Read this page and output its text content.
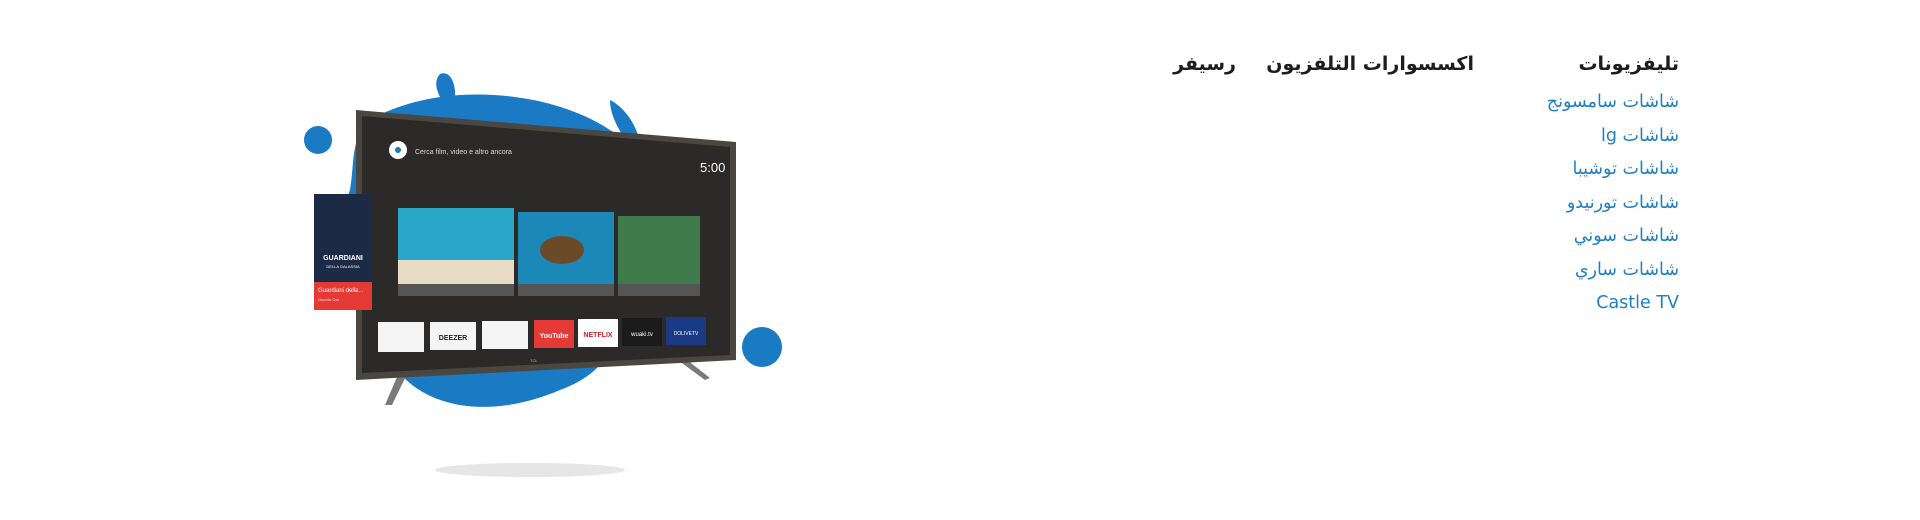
Cerca film, video e altro ancora
5:00
GUARDIANI
DELLA GALASSIA
Guardiani della...
Guarda Ora
DEEZER	YouTube NETFLIX	wuaki.tv	DOLIVETV
TCL
تليفزيونات
شاشات سامسونج
شاشات lg
شاشات توشيبا
شاشات تورنيدو
شاشات سوني
شاشات ساري
Castle TV
اكسسوارات التلفزيون
رسيفر
